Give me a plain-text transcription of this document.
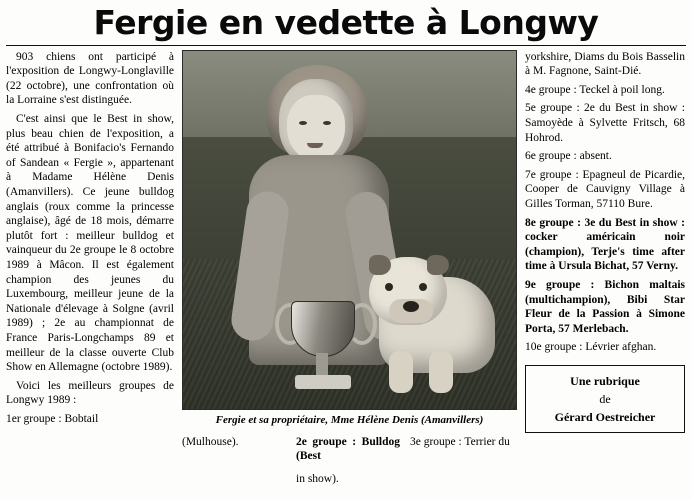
Fergie en vedette à Longwy

903 chiens ont participé à l'exposition de Longwy-Longlaville (22 octobre), une confrontation où la Lorraine s'est distinguée.

C'est ainsi que le Best in show, plus beau chien de l'exposition, a été attribué à Bonifacio's Fernando of Sandean « Fergie », appartenant à Madame Hélène Denis (Amanvillers). Ce jeune bulldog anglais (roux comme la princesse anglaise), âgé de 18 mois, démarre plutôt fort : meilleur bulldog et vainqueur du 2e groupe le 8 octobre 1989 à Mâcon. Il est également champion des jeunes du Luxembourg, meilleur jeune de la Nationale d'élevage à Solgne (avril 1989) ; 2e au championnat de France Paris-Longchamps 89 et meilleur de la classe ouverte Club Show en Allemagne (octobre 1989).

Voici les meilleurs groupes de Longwy 1989 :

1er groupe : Bobtail	Fergie et sa propriétaire, Mme Hélène Denis (Amanvillers)
(Mulhouse).	2e groupe : Bulldog (Best
3e groupe : Terrier du
in show).

yorkshire, Diams du Bois Basselin à M. Fagnone, Saint-Dié.

4e groupe : Teckel à poil long.

5e groupe : 2e du Best in show : Samoyède à Sylvette Fritsch, 68 Hohrod.

6e groupe : absent.

7e groupe : Epagneul de Picardie, Cooper de Cauvigny Village à Gilles Torman, 57110 Bure.

8e groupe : 3e du Best in show : cocker américain noir (champion), Terje's time after time à Ursula Bichat, 57 Verny.

9e groupe : Bichon maltais (multichampion), Bibi Star Fleur de la Passion à Simone Porta, 57 Merlebach.

10e groupe : Lévrier afghan.

Une rubrique
de
Gérard Oestreicher
